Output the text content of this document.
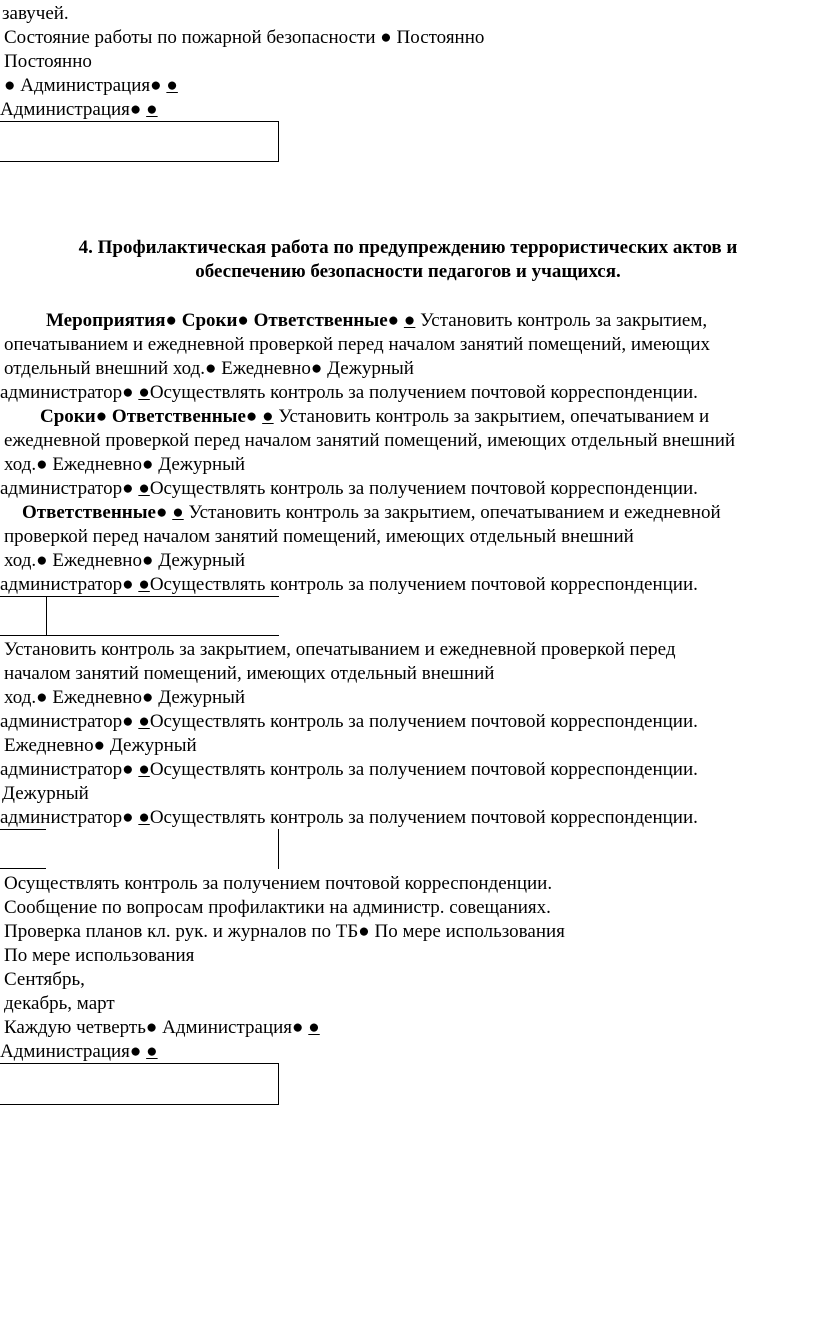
завучей.
Состояние работы по пожарной безопасности ● Постоянно
Постоянно
● Администрация● ●
Администрация● ●
4. Профилактическая работа по предупреждению террористических актов и
обеспечению безопасности педагогов и учащихся.
Мероприятия● Сроки● Ответственные● ● Установить контроль за закрытием,
опечатыванием и ежедневной проверкой перед началом занятий помещений, имеющих
отдельный внешний ход.● Ежедневно● Дежурный
администратор● ●Осуществлять контроль за получением почтовой корреспонденции.
Сроки● Ответственные● ● Установить контроль за закрытием, опечатыванием и
ежедневной проверкой перед началом занятий помещений, имеющих отдельный внешний
ход.● Ежедневно● Дежурный
администратор● ●Осуществлять контроль за получением почтовой корреспонденции.
Ответственные● ● Установить контроль за закрытием, опечатыванием и ежедневной
проверкой перед началом занятий помещений, имеющих отдельный внешний
ход.● Ежедневно● Дежурный
администратор● ●Осуществлять контроль за получением почтовой корреспонденции.
Установить контроль за закрытием, опечатыванием и ежедневной проверкой перед
началом занятий помещений, имеющих отдельный внешний
ход.● Ежедневно● Дежурный
администратор● ●Осуществлять контроль за получением почтовой корреспонденции.
Ежедневно● Дежурный
администратор● ●Осуществлять контроль за получением почтовой корреспонденции.
Дежурный
администратор● ●Осуществлять контроль за получением почтовой корреспонденции.
Осуществлять контроль за получением почтовой корреспонденции.
Сообщение по вопросам профилактики на администр. совещаниях.
Проверка планов кл. рук. и журналов по ТБ● По мере использования
По мере использования
Сентябрь,
декабрь, март
Каждую четверть● Администрация● ●
Администрация● ●
